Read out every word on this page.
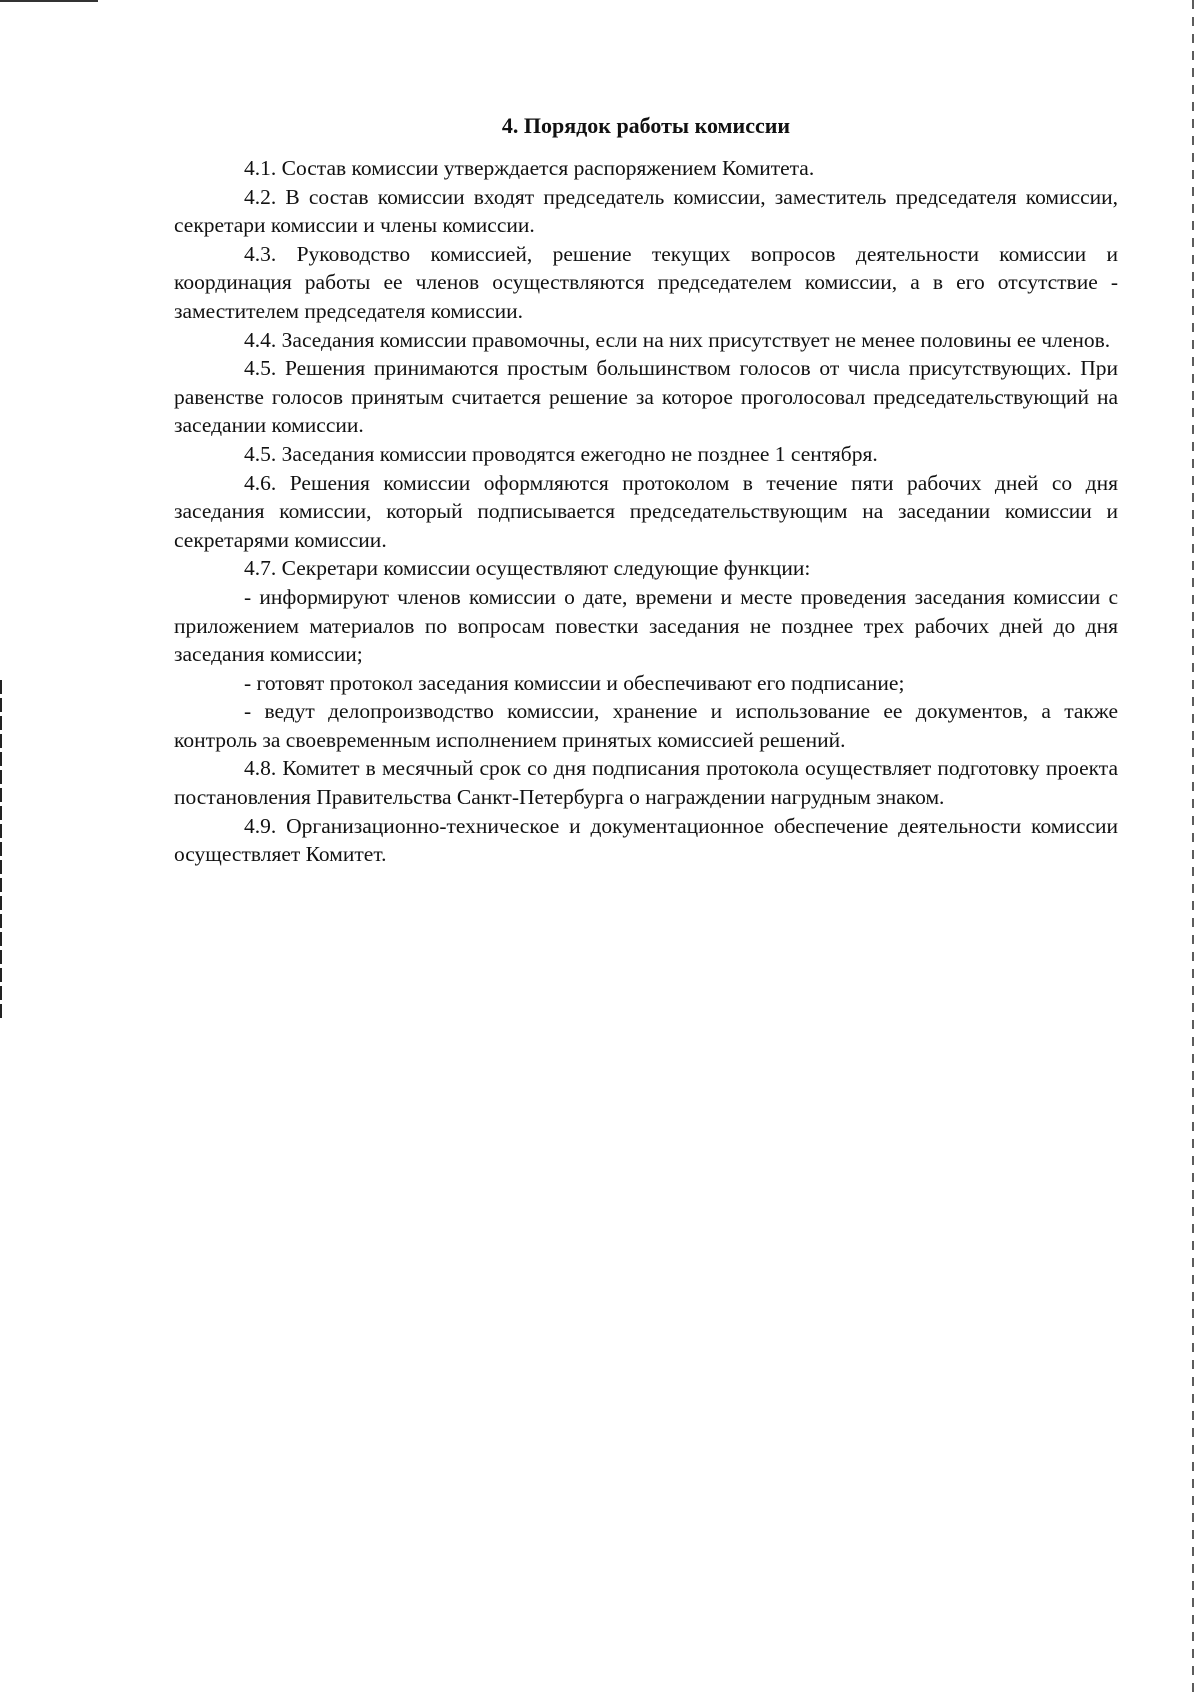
4. Порядок работы комиссии

4.1. Состав комиссии утверждается распоряжением Комитета.

4.2. В состав комиссии входят председатель комиссии, заместитель председателя комиссии, секретари комиссии и члены комиссии.

4.3. Руководство комиссией, решение текущих вопросов деятельности комиссии и координация работы ее членов осуществляются председателем комиссии, а в его отсутствие - заместителем председателя комиссии.

4.4. Заседания комиссии правомочны, если на них присутствует не менее половины ее членов.

4.5. Решения принимаются простым большинством голосов от числа присутствующих. При равенстве голосов принятым считается решение за которое проголосовал председательствующий на заседании комиссии.

4.5. Заседания комиссии проводятся ежегодно не позднее 1 сентября.

4.6. Решения комиссии оформляются протоколом в течение пяти рабочих дней со дня заседания комиссии, который подписывается председательствующим на заседании комиссии и секретарями комиссии.

4.7. Секретари комиссии осуществляют следующие функции:

- информируют членов комиссии о дате, времени и месте проведения заседания комиссии с приложением материалов по вопросам повестки заседания не позднее трех рабочих дней до дня заседания комиссии;

- готовят протокол заседания комиссии и обеспечивают его подписание;

- ведут делопроизводство комиссии, хранение и использование ее документов, а также контроль за своевременным исполнением принятых комиссией решений.

4.8. Комитет в месячный срок со дня подписания протокола осуществляет подготовку проекта постановления Правительства Санкт-Петербурга о награждении нагрудным знаком.

4.9. Организационно-техническое и документационное обеспечение деятельности комиссии осуществляет Комитет.
